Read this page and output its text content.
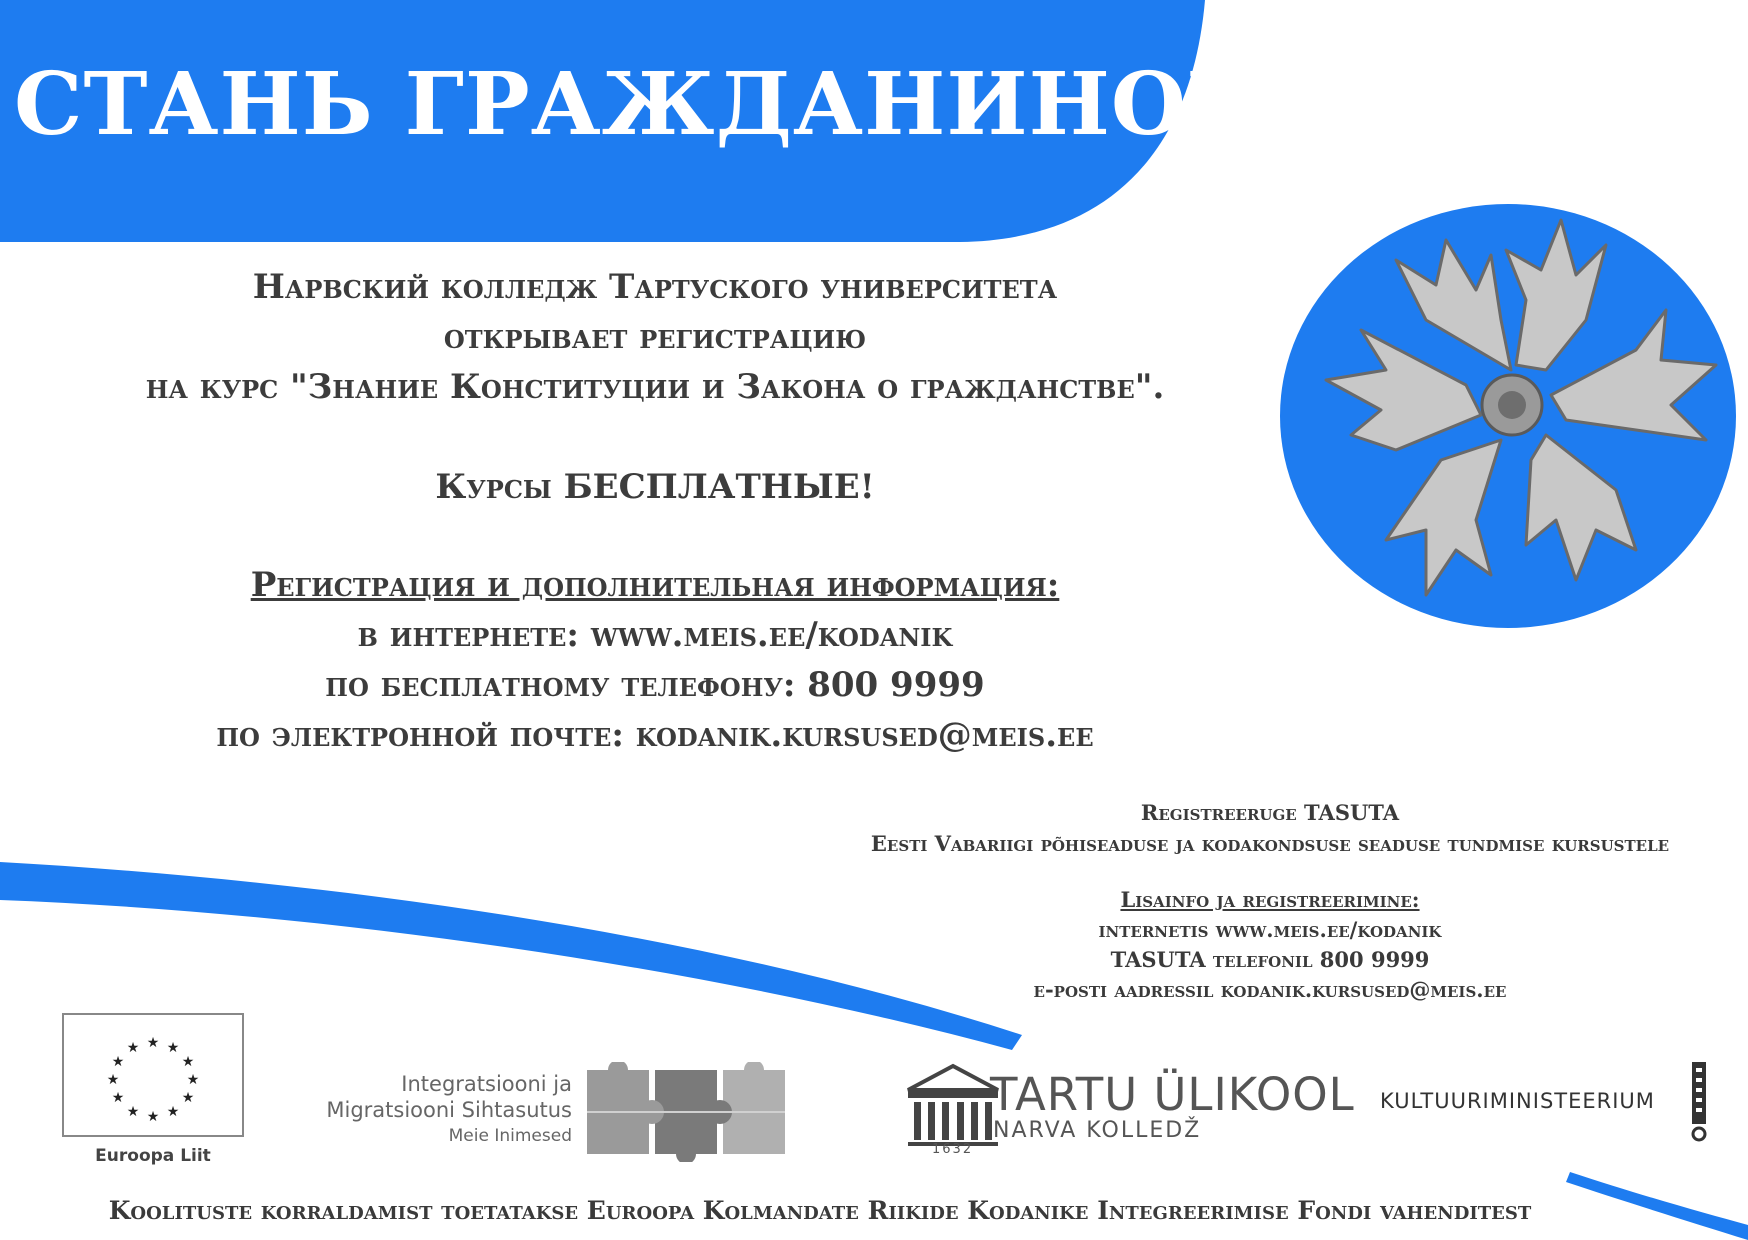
СТАНЬ ГРАЖДАНИНОМ!
Нарвский колледж Тартуского университета
открывает регистрацию
на курс "Знание Конституции и Закона о гражданстве".
Курсы БЕСПЛАТНЫЕ!
Регистрация и дополнительная информация:
в интернете: www.meis.ee/kodanik
по бесплатному телефону: 800 9999
по электронной почте: kodanik.kursused@meis.ee
Registreeruge TASUTA
Eesti Vabariigi põhiseaduse ja kodakondsuse seaduse tundmise kursustele
Lisainfo ja registreerimine:
internetis www.meis.ee/kodanik
TASUTA telefonil 800 9999
e-posti aadressil kodanik.kursused@meis.ee
★ ★
★
★
★
★
★
★
★
★
★
★
Euroopa Liit
Integratsiooni ja
Migratsiooni Sihtasutus
Meie Inimesed
TARTU ÜLIKOOL
NARVA KOLLEDŽ
1632
KULTUURIMINISTEERIUM
Koolituste korraldamist toetatakse Euroopa Kolmandate Riikide Kodanike Integreerimise Fondi vahenditest
